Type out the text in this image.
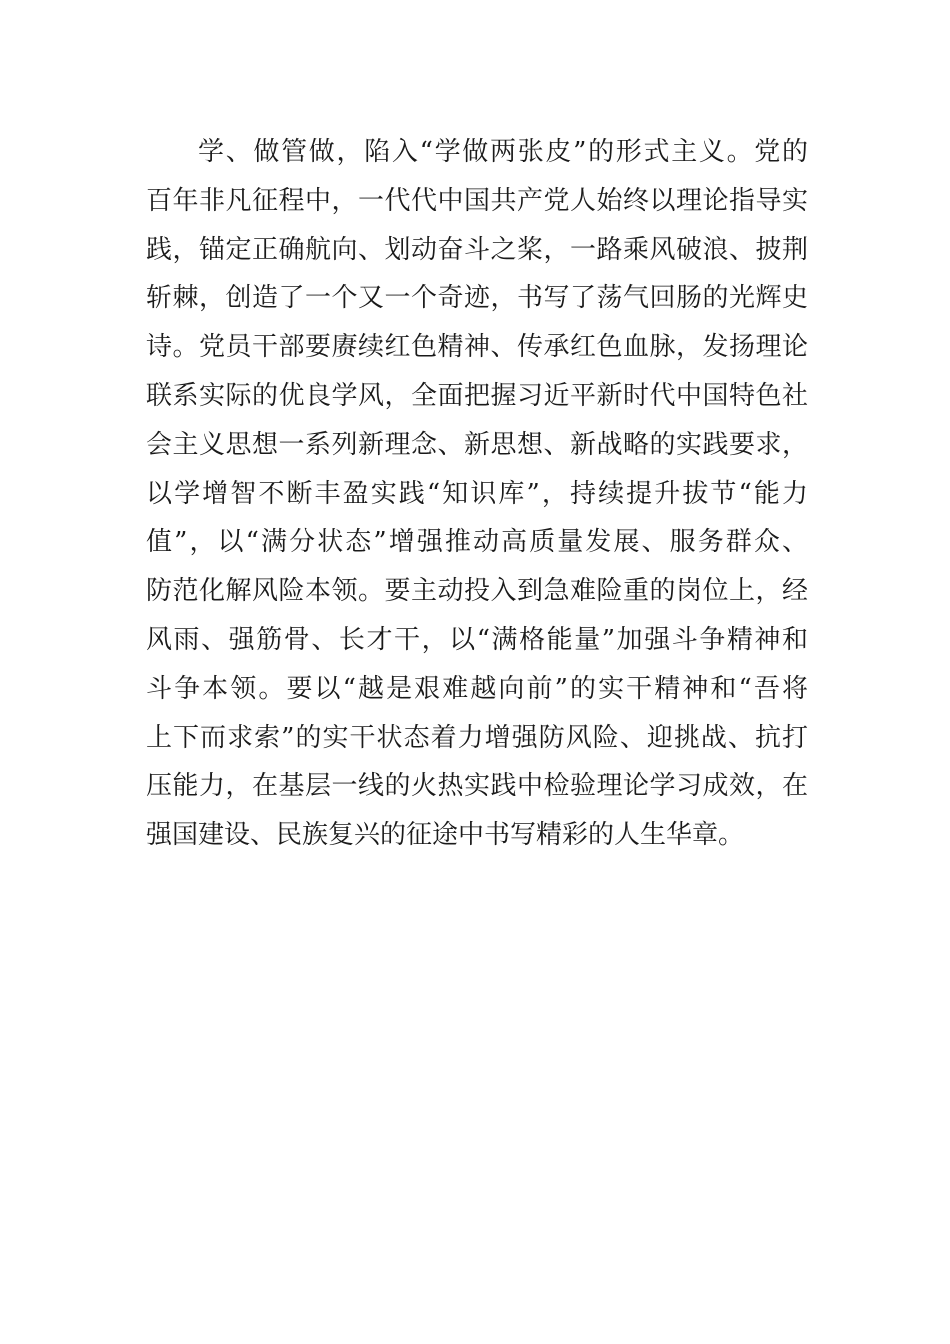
学、做管做，陷入“学做两张皮”的形式主义。党的
百年非凡征程中，一代代中国共产党人始终以理论指导实
践，锚定正确航向、划动奋斗之桨，一路乘风破浪、披荆
斩棘，创造了一个又一个奇迹，书写了荡气回肠的光辉史
诗。党员干部要赓续红色精神、传承红色血脉，发扬理论
联系实际的优良学风，全面把握习近平新时代中国特色社
会主义思想一系列新理念、新思想、新战略的实践要求，
以学增智不断丰盈实践“知识库”，持续提升拔节“能力
值”，以“满分状态”增强推动高质量发展、服务群众、
防范化解风险本领。要主动投入到急难险重的岗位上，经
风雨、强筋骨、长才干，以“满格能量”加强斗争精神和
斗争本领。要以“越是艰难越向前”的实干精神和“吾将
上下而求索”的实干状态着力增强防风险、迎挑战、抗打
压能力，在基层一线的火热实践中检验理论学习成效，在
强国建设、民族复兴的征途中书写精彩的人生华章。
